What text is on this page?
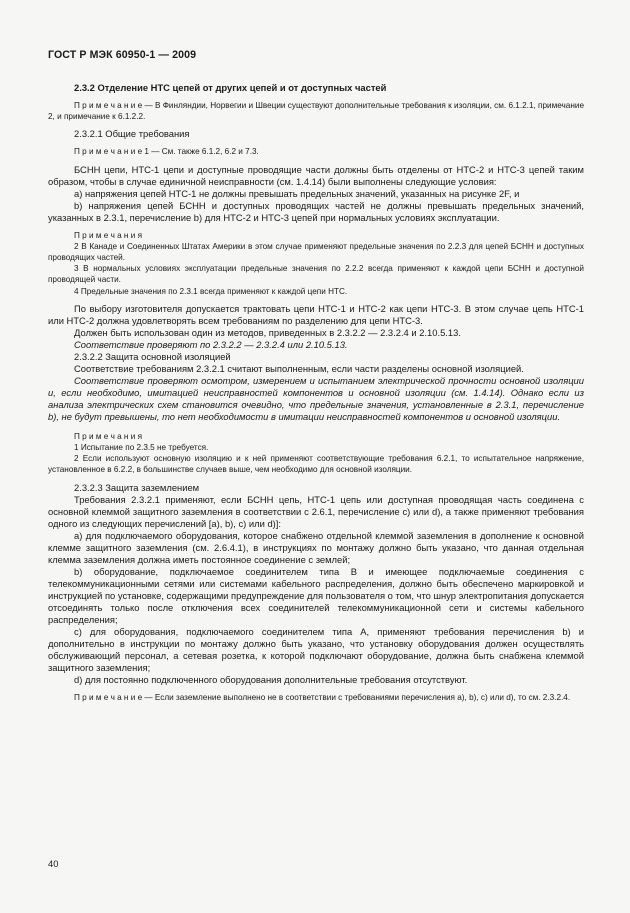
ГОСТ Р МЭК 60950-1 — 2009

2.3.2 Отделение НТС цепей от других цепей и от доступных частей

П р и м е ч а н и е — В Финляндии, Норвегии и Швеции существуют дополнительные требования к изоляции, см. 6.1.2.1, примечание 2, и примечание к 6.1.2.2.

2.3.2.1 Общие требования

П р и м е ч а н и е 1 — См. также 6.1.2, 6.2 и 7.3.

БСНН цепи, НТС-1 цепи и доступные проводящие части должны быть отделены от НТС-2 и НТС-3 цепей таким образом, чтобы в случае единичной неисправности (см. 1.4.14) были выполнены следующие условия:

а) напряжения цепей НТС-1 не должны превышать предельных значений, указанных на рисунке 2F, и

b) напряжения цепей БСНН и доступных проводящих частей не должны превышать предельных значений, указанных в 2.3.1, перечисление b) для НТС-2 и НТС-3 цепей при нормальных условиях эксплуатации.

П р и м е ч а н и я

2 В Канаде и Соединенных Штатах Америки в этом случае применяют предельные значения по 2.2.3 для цепей БСНН и доступных проводящих частей.

3 В нормальных условиях эксплуатации предельные значения по 2.2.2 всегда применяют к каждой цепи БСНН и доступной проводящей части.

4 Предельные значения по 2.3.1 всегда применяют к каждой цепи НТС.

По выбору изготовителя допускается трактовать цепи НТС-1 и НТС-2 как цепи НТС-3. В этом случае цепь НТС-1 или НТС-2 должна удовлетворять всем требованиям по разделению для цепи НТС-3.

Должен быть использован один из методов, приведенных в 2.3.2.2 — 2.3.2.4 и 2.10.5.13.

Соответствие проверяют по 2.3.2.2 — 2.3.2.4 или 2.10.5.13.

2.3.2.2 Защита основной изоляцией

Соответствие требованиям 2.3.2.1 считают выполненным, если части разделены основной изоляцией.

Соответствие проверяют осмотром, измерением и испытанием электрической прочности основной изоляции и, если необходимо, имитацией неисправностей компонентов и основной изоляции (см. 1.4.14). Однако если из анализа электрических схем становится очевидно, что предельные значения, установленные в 2.3.1, перечисление b), не будут превышены, то нет необходимости в имитации неисправностей компонентов и основной изоляции.

П р и м е ч а н и я

1 Испытание по 2.3.5 не требуется.

2 Если используют основную изоляцию и к ней применяют соответствующие требования 6.2.1, то испытательное напряжение, установленное в 6.2.2, в большинстве случаев выше, чем необходимо для основной изоляции.

2.3.2.3 Защита заземлением

Требования 2.3.2.1 применяют, если БСНН цепь, НТС-1 цепь или доступная проводящая часть соединена с основной клеммой защитного заземления в соответствии с 2.6.1, перечисление с) или d), а также применяют требования одного из следующих перечислений [а), b), с) или d)]:

а) для подключаемого оборудования, которое снабжено отдельной клеммой заземления в дополнение к основной клемме защитного заземления (см. 2.6.4.1), в инструкциях по монтажу должно быть указано, что данная отдельная клемма заземления должна иметь постоянное соединение с землей;

b) оборудование, подключаемое соединителем типа В и имеющее подключаемые соединения с телекоммуникационными сетями или системами кабельного распределения, должно быть обеспечено маркировкой и инструкцией по установке, содержащими предупреждение для пользователя о том, что шнур электропитания допускается отсоединять только после отключения всех соединителей телекоммуникационной сети и системы кабельного распределения;

с) для оборудования, подключаемого соединителем типа А, применяют требования перечисления b) и дополнительно в инструкции по монтажу должно быть указано, что установку оборудования должен осуществлять обслуживающий персонал, а сетевая розетка, к которой подключают оборудование, должна быть снабжена клеммой защитного заземления;

d) для постоянно подключенного оборудования дополнительные требования отсутствуют.

П р и м е ч а н и е — Если заземление выполнено не в соответствии с требованиями перечисления а), b), с) или d), то см. 2.3.2.4.

40
